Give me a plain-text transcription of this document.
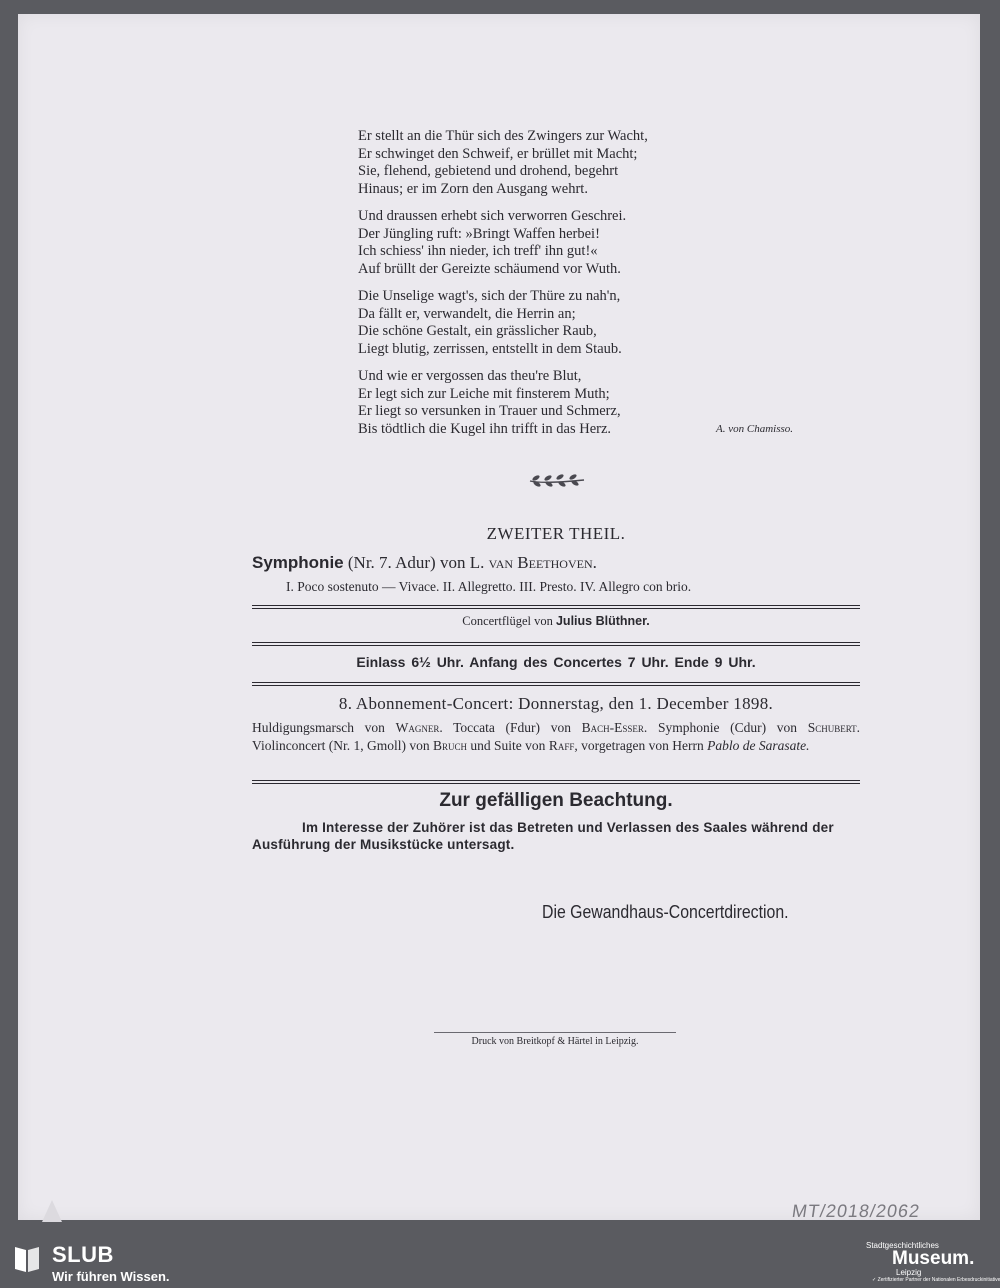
Er stellt an die Thür sich des Zwingers zur Wacht,
Er schwinget den Schweif, er brüllet mit Macht;
Sie, flehend, gebietend und drohend, begehrt
Hinaus; er im Zorn den Ausgang wehrt.
Und draussen erhebt sich verworren Geschrei.
Der Jüngling ruft: »Bringt Waffen herbei!
Ich schiess' ihn nieder, ich treff' ihn gut!«
Auf brüllt der Gereizte schäumend vor Wuth.
Die Unselige wagt's, sich der Thüre zu nah'n,
Da fällt er, verwandelt, die Herrin an;
Die schöne Gestalt, ein grässlicher Raub,
Liegt blutig, zerrissen, entstellt in dem Staub.
Und wie er vergossen das theu're Blut,
Er legt sich zur Leiche mit finsterem Muth;
Er liegt so versunken in Trauer und Schmerz,
Bis tödtlich die Kugel ihn trifft in das Herz.	A. von Chamisso.
ZWEITER THEIL.
Symphonie (Nr. 7. Adur) von L. van Beethoven.
I. Poco sostenuto — Vivace. II. Allegretto. III. Presto. IV. Allegro con brio.
Concertflügel von Julius Blüthner.
Einlass 6½ Uhr. Anfang des Concertes 7 Uhr. Ende 9 Uhr.
8. Abonnement-Concert: Donnerstag, den 1. December 1898.
Huldigungsmarsch von Wagner. Toccata (Fdur) von Bach-Esser. Symphonie (Cdur) von Schubert. Violinconcert (Nr. 1, Gmoll) von Bruch und Suite von Raff, vorgetragen von Herrn Pablo de Sarasate.
Zur gefälligen Beachtung.
Im Interesse der Zuhörer ist das Betreten und Verlassen des Saales während der Ausführung der Musikstücke untersagt.
Die Gewandhaus-Concertdirection.
Druck von Breitkopf & Härtel in Leipzig.
MT/2018/2062
SLUB
Wir führen Wissen.
Stadtgeschichtliches
Museum.
Leipzig
✓ Zertifizierter Partner der Nationalen Erbesdruckinitiative
